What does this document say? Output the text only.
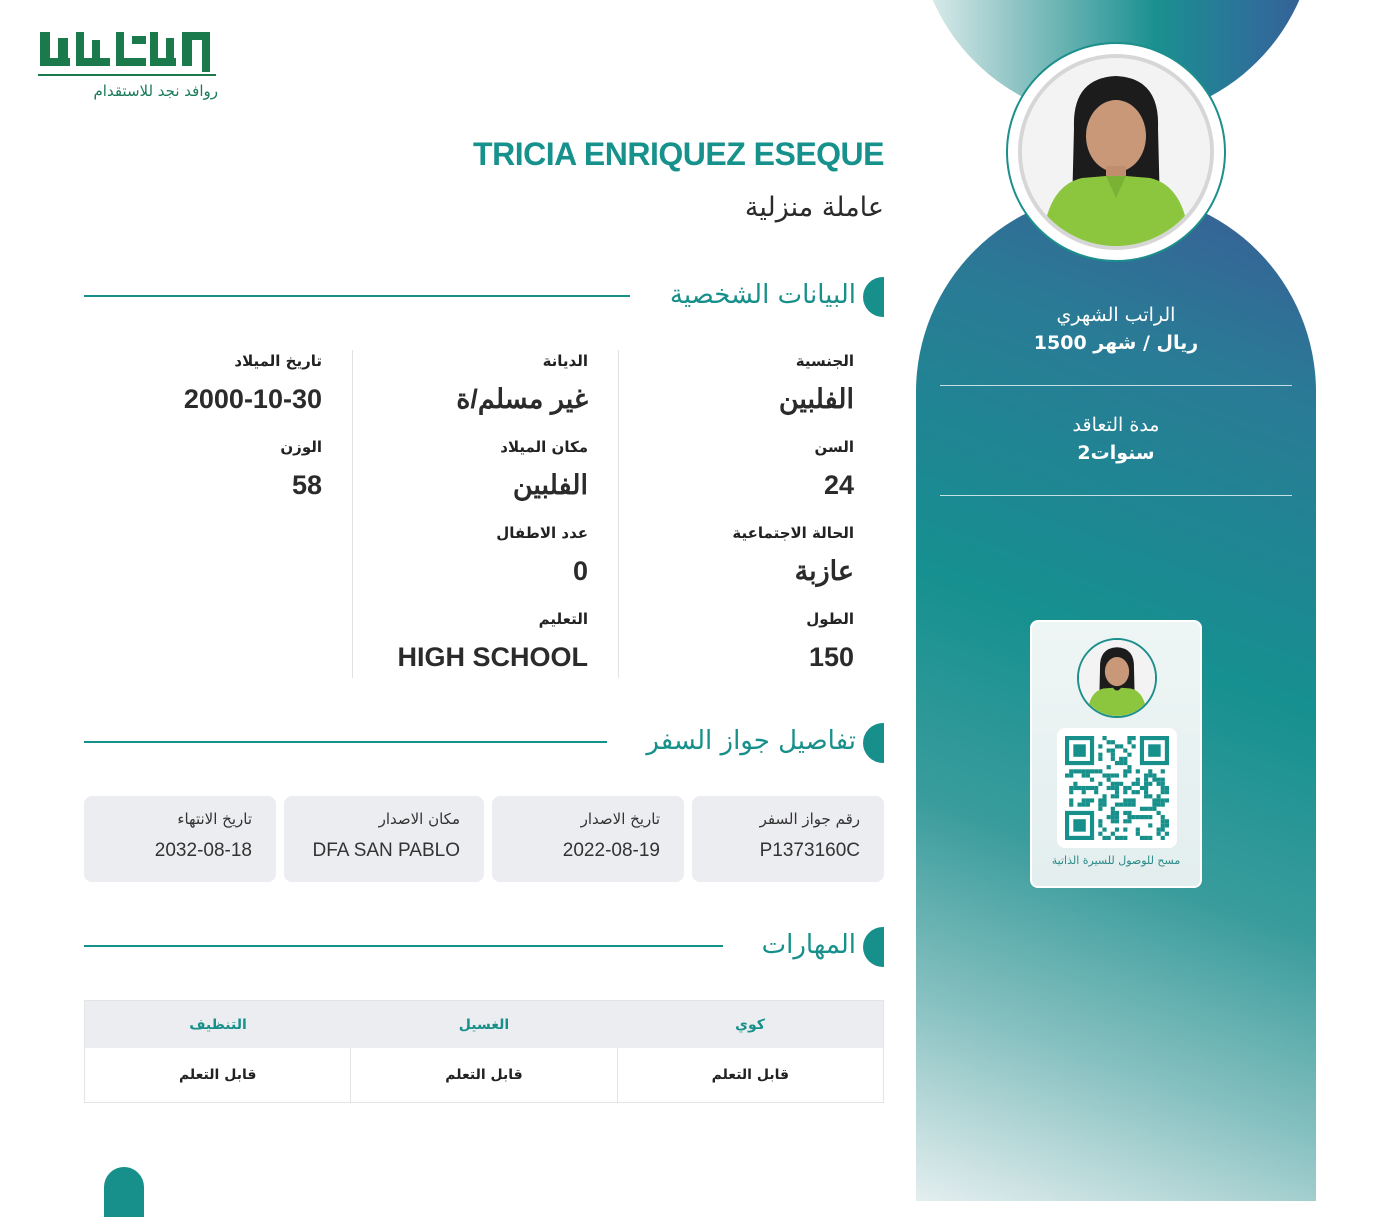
الراتب الشهري
1500 ريال / شهر
مدة التعاقد
2سنوات
مسح للوصول للسيرة الذاتية
روافد نجد للاستقدام
TRICIA ENRIQUEZ ESEQUE
عاملة منزلية
البيانات الشخصية
الجنسية
الفلبين
السن
24
الحالة الاجتماعية
عازبة
الطول
150
الديانة
غير مسلم/ة
مكان الميلاد
الفلبين
عدد الاطفال
0
التعليم
HIGH SCHOOL
تاريخ الميلاد
2000-10-30
الوزن
58
تفاصيل جواز السفر
رقم جواز السفر
P1373160C
تاريخ الاصدار
2022-08-19
مكان الاصدار
DFA SAN PABLO
تاريخ الانتهاء
2032-08-18
المهارات
التنظيف	الغسيل	كوي
قابل التعلم	قابل التعلم	قابل التعلم
